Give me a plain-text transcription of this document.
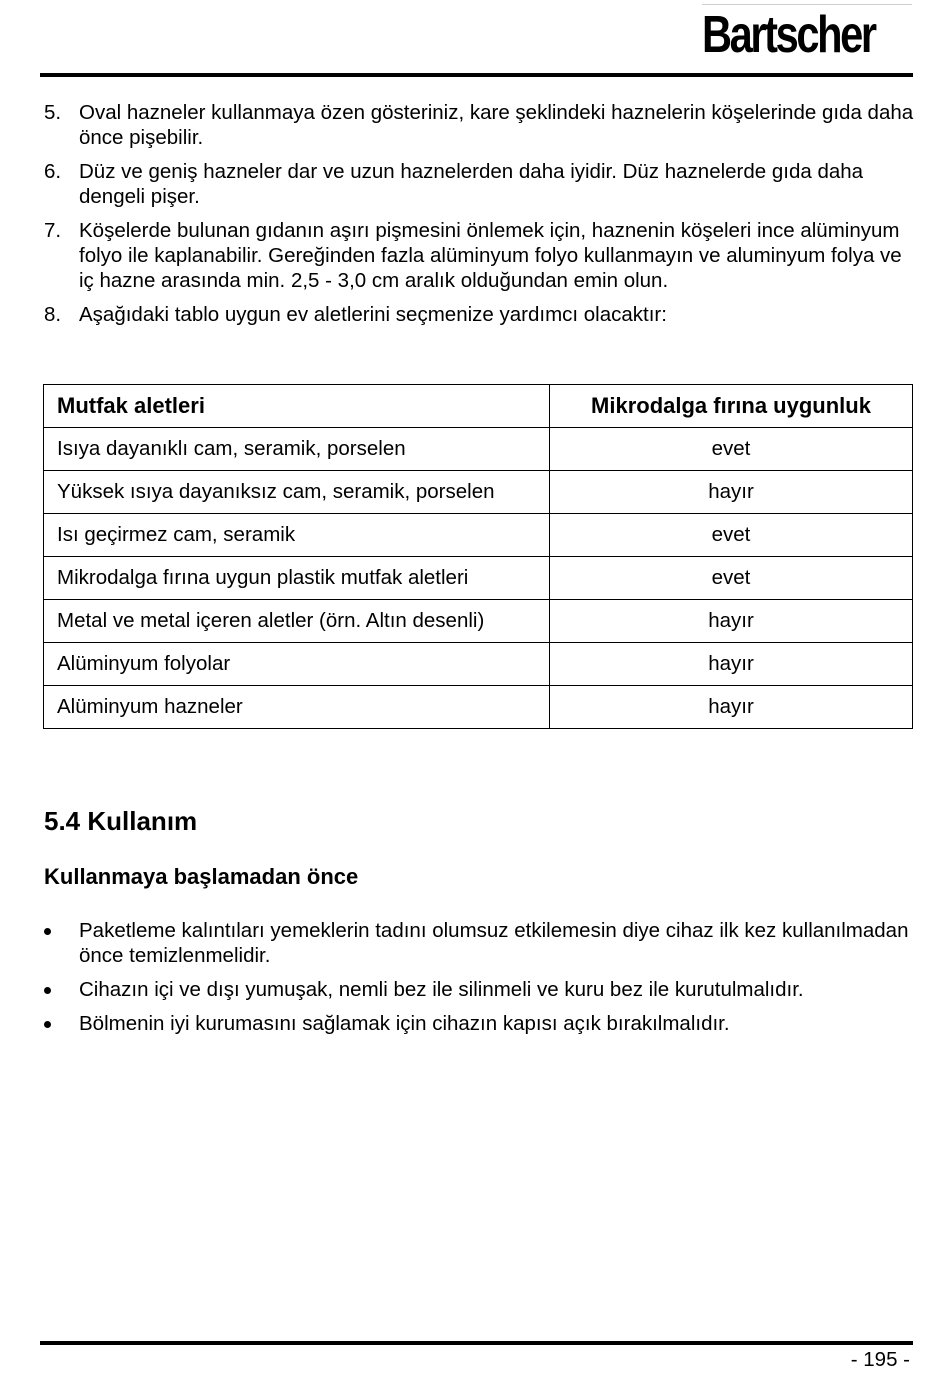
Bartscher
5. Oval hazneler kullanmaya özen gösteriniz, kare şeklindeki haznelerin köşelerinde gıda daha önce pişebilir.
6. Düz ve geniş hazneler dar ve uzun haznelerden daha iyidir. Düz haznelerde gıda daha dengeli pişer.
7. Köşelerde bulunan gıdanın aşırı pişmesini önlemek için, haznenin köşeleri ince alüminyum folyo ile kaplanabilir. Gereğinden fazla alüminyum folyo kullanmayın ve aluminyum folya ve iç hazne arasında min. 2,5 - 3,0 cm aralık olduğundan emin olun.
8. Aşağıdaki tablo uygun ev aletlerini seçmenize yardımcı olacaktır:
Mutfak aletleri	Mikrodalga fırına uygunluk
Isıya dayanıklı cam, seramik, porselen	evet
Yüksek ısıya dayanıksız cam, seramik, porselen	hayır
Isı geçirmez cam, seramik	evet
Mikrodalga fırına uygun plastik mutfak aletleri	evet
Metal ve metal içeren aletler (örn. Altın desenli)	hayır
Alüminyum folyolar	hayır
Alüminyum hazneler	hayır
5.4 Kullanım
Kullanmaya başlamadan önce
Paketleme kalıntıları yemeklerin tadını olumsuz etkilemesin diye cihaz ilk kez kullanılmadan önce temizlenmelidir.
Cihazın içi ve dışı yumuşak, nemli bez ile silinmeli ve kuru bez ile kurutulmalıdır.
Bölmenin iyi kurumasını sağlamak için cihazın kapısı açık bırakılmalıdır.
- 195 -
